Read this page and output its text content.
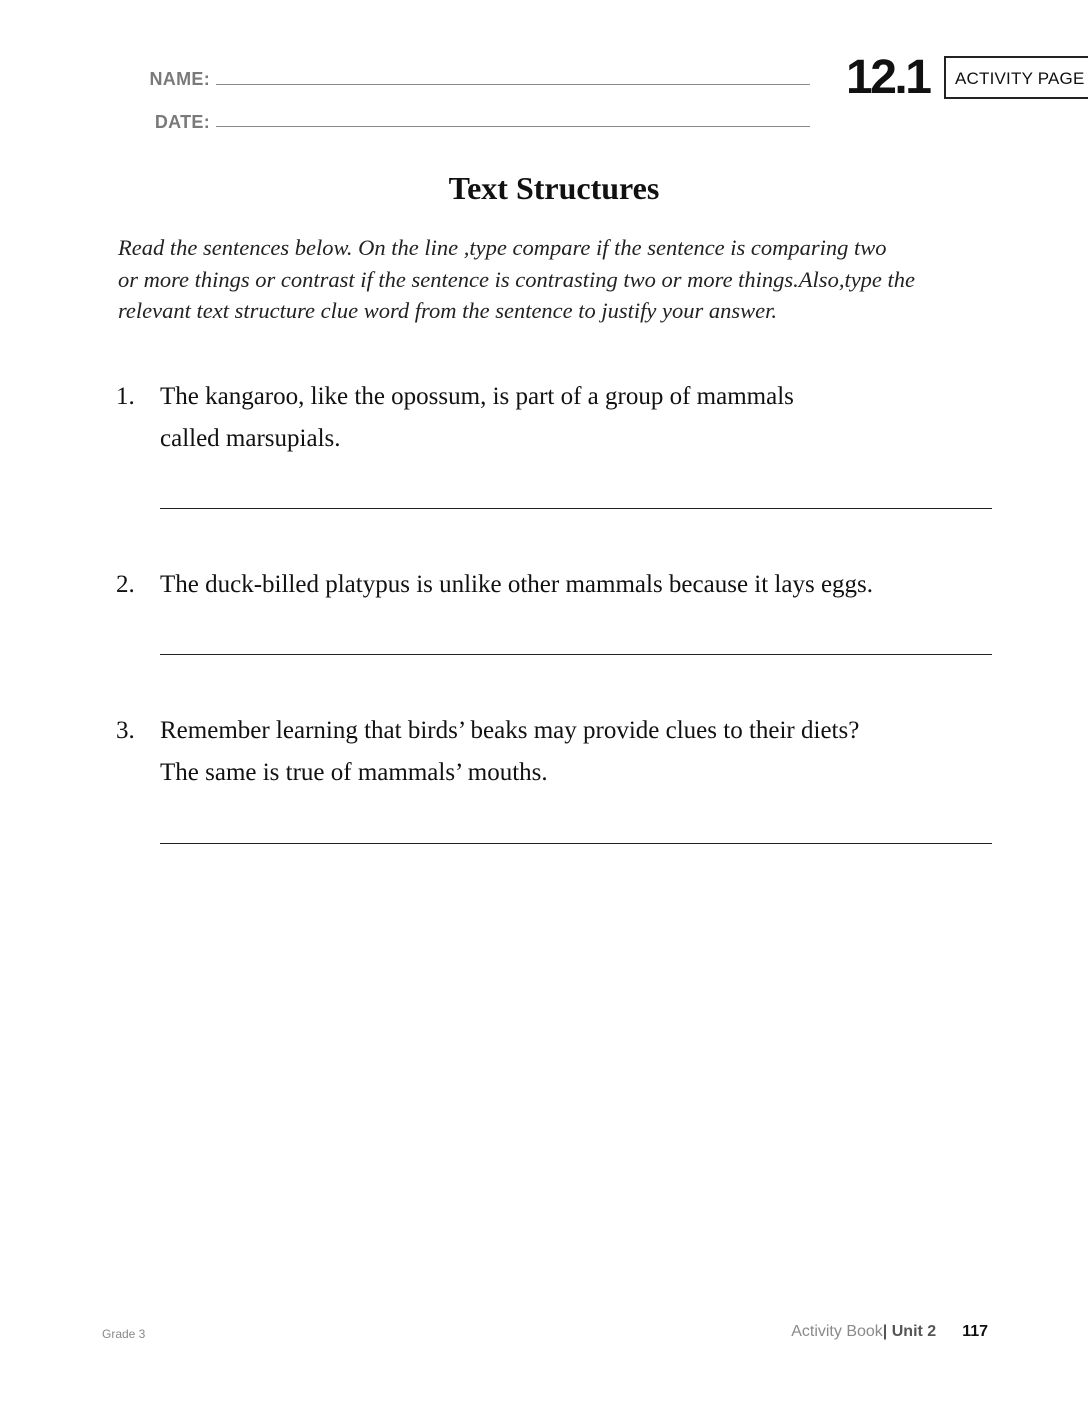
NAME:
DATE:
12.1	ACTIVITY PAGE
Text Structures
Read the sentences below. On the line ,type compare if the sentence is comparing two
or more things or contrast if the sentence is contrasting two or more things.Also,type the
relevant text structure clue word from the sentence to justify your answer.
1. The kangaroo, like the opossum, is part of a group of mammals
called marsupials.
2. The duck-billed platypus is unlike other mammals because it lays eggs.
3. Remember learning that birds’ beaks may provide clues to their diets?
The same is true of mammals’ mouths.
Grade 3	Activity Book| Unit 2 117
